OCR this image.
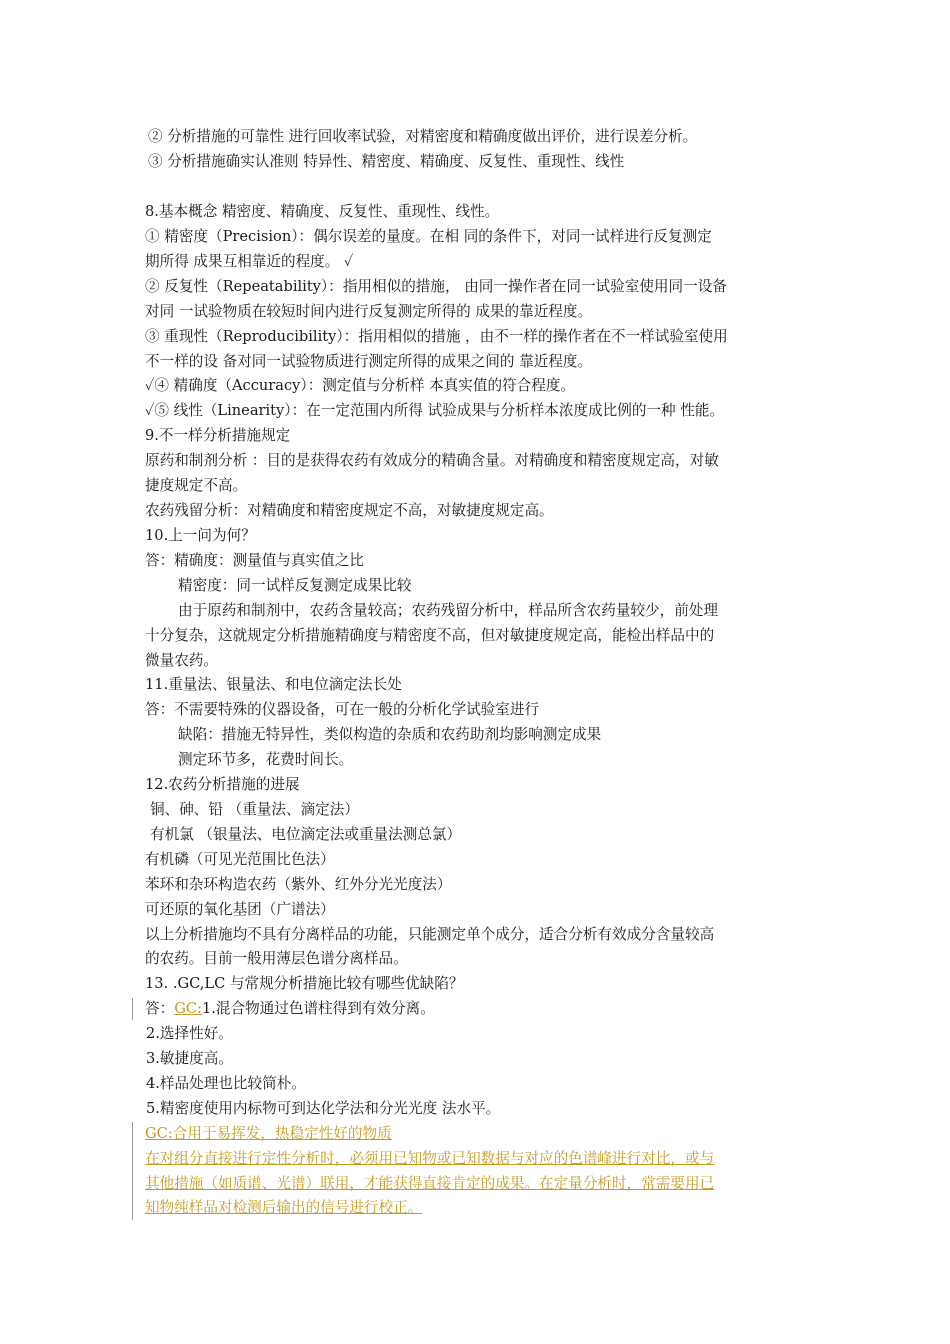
② 分析措施的可靠性 进行回收率试验，对精密度和精确度做出评价，进行误差分析。
③ 分析措施确实认准则 特异性、精密度、精确度、反复性、重现性、线性
8.基本概念 精密度、精确度、反复性、重现性、线性。
① 精密度（Precision）：偶尔误差的量度。在相 同的条件下，对同一试样进行反复测定
期所得 成果互相靠近的程度。 ✓
② 反复性（Repeatability）：指用相似的措施， 由同一操作者在同一试验室使用同一设备
对同 一试验物质在较短时间内进行反复测定所得的 成果的靠近程度。
③ 重现性（Reproducibility）：指用相似的措施 ，由不一样的操作者在不一样试验室使用
不一样的设 备对同一试验物质进行测定所得的成果之间的 靠近程度。
✓④ 精确度（Accuracy）：测定值与分析样 本真实值的符合程度。
✓⑤ 线性（Linearity）：在一定范围内所得 试验成果与分析样本浓度成比例的一种 性能。
9.不一样分析措施规定
原药和制剂分析 ：目的是获得农药有效成分的精确含量。对精确度和精密度规定高，对敏
捷度规定不高。
农药残留分析：对精确度和精密度规定不高，对敏捷度规定高。
10.上一问为何？
答：精确度：测量值与真实值之比
精密度：同一试样反复测定成果比较
由于原药和制剂中，农药含量较高；农药残留分析中，样品所含农药量较少，前处理
十分复杂，这就规定分析措施精确度与精密度不高，但对敏捷度规定高，能检出样品中的
微量农药。
11.重量法、银量法、和电位滴定法长处
答：不需要特殊的仪器设备，可在一般的分析化学试验室进行
缺陷：措施无特异性，类似构造的杂质和农药助剂均影响测定成果
测定环节多，花费时间长。
12.农药分析措施的进展
铜、砷、铅 （重量法、滴定法）
有机氯 （银量法、电位滴定法或重量法测总氯）
有机磷（可见光范围比色法）
苯环和杂环构造农药（紫外、红外分光光度法）
可还原的氧化基团（广谱法）
以上分析措施均不具有分离样品的功能，只能测定单个成分，适合分析有效成分含量较高
的农药。目前一般用薄层色谱分离样品。
13. .GC,LC 与常规分析措施比较有哪些优缺陷？
答：GC:1.混合物通过色谱柱得到有效分离。
2.选择性好。
3.敏捷度高。
4.样品处理也比较简朴。
5.精密度使用内标物可到达化学法和分光光度 法水平。
GC:合用于易挥发，热稳定性好的物质
在对组分直接进行定性分析时，必须用已知物或已知数据与对应的色谱峰进行对比，或与
其他措施（如质谱、光谱）联用，才能获得直接肯定的成果。在定量分析时，常需要用已
知物纯样品对检测后输出的信号进行校正。
